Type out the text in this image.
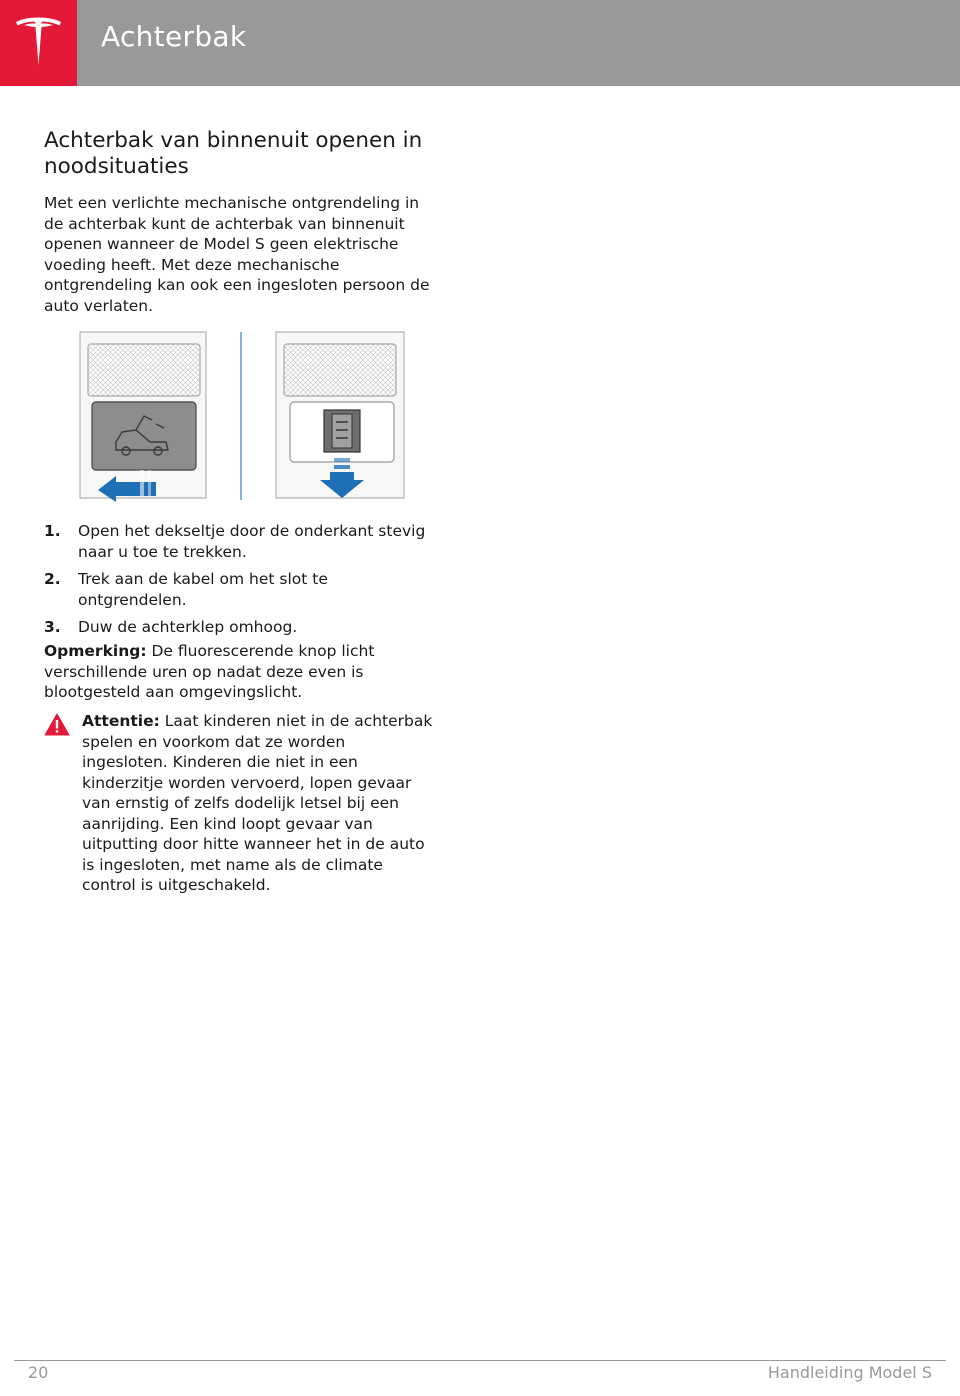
Achterbak
Achterbak van binnenuit openen in noodsituaties

Met een verlichte mechanische ontgrendeling in de achterbak kunt de achterbak van binnenuit openen wanneer de Model S geen elektrische voeding heeft. Met deze mechanische ontgrendeling kan ook een ingesloten persoon de auto verlaten.

1. Open het dekseltje door de onderkant stevig naar u toe te trekken.
2. Trek aan de kabel om het slot te ontgrendelen.
3. Duw de achterklep omhoog.

Opmerking: De fluorescerende knop licht verschillende uren op nadat deze even is blootgesteld aan omgevingslicht.

Attentie: Laat kinderen niet in de achterbak spelen en voorkom dat ze worden ingesloten. Kinderen die niet in een kinderzitje worden vervoerd, lopen gevaar van ernstig of zelfs dodelijk letsel bij een aanrijding. Een kind loopt gevaar van uitputting door hitte wanneer het in de auto is ingesloten, met name als de climate control is uitgeschakeld.

20	Handleiding Model S
